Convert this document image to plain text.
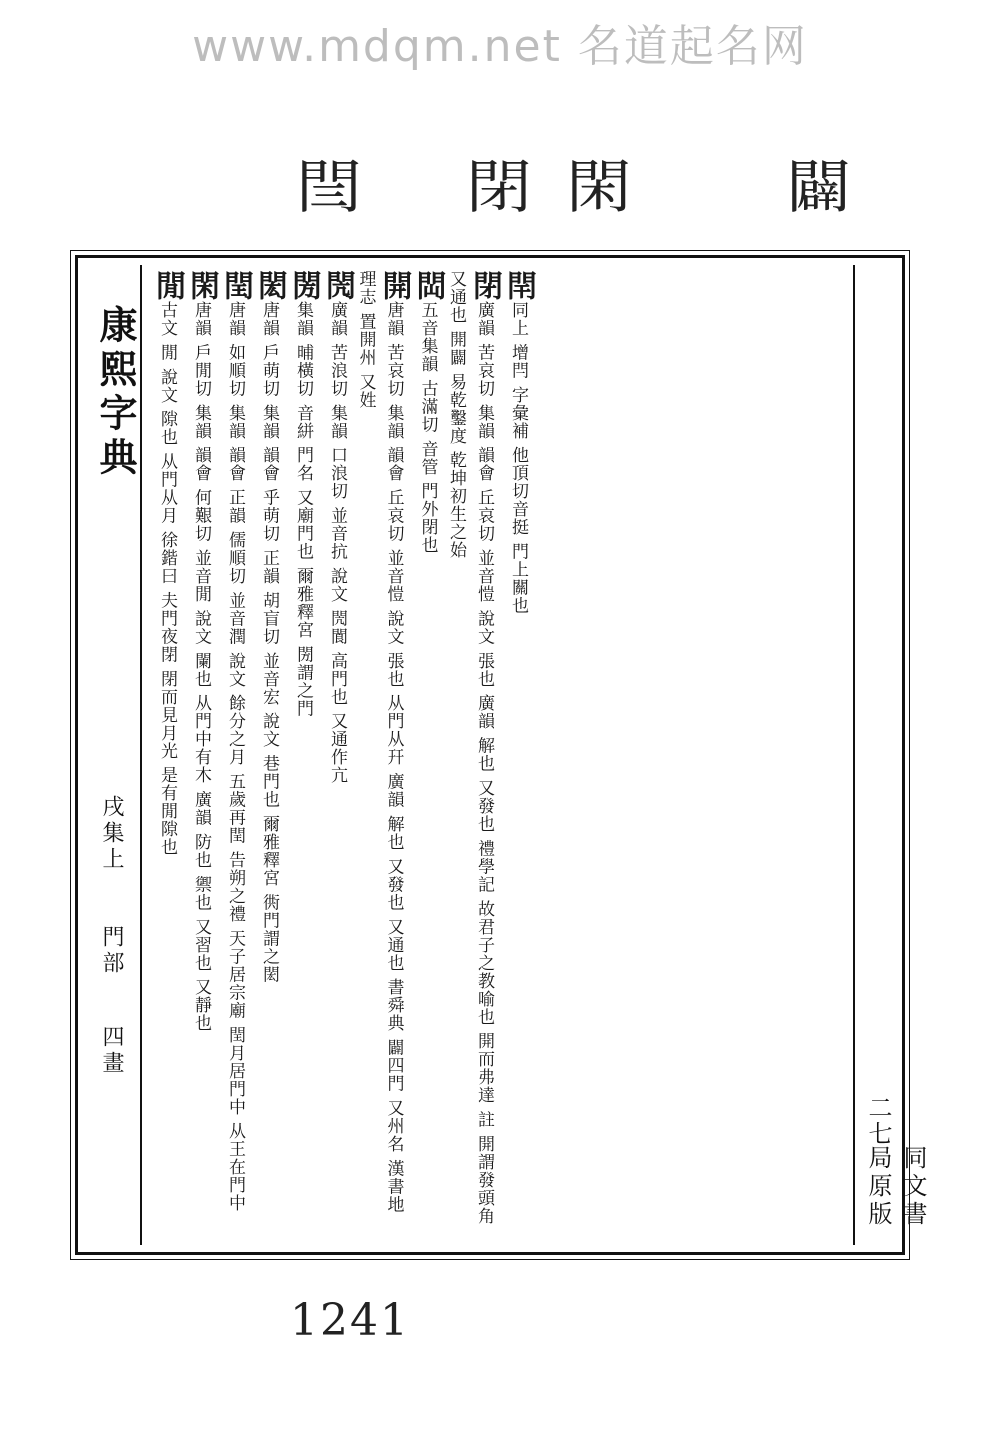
www.mdqm.net 名道起名网
閆 閉 閑	闢
康熙字典
戌集上
門部
四畫
二七
同文書局原版

閈同上 增閂 字彙補 他頂切音挺 門上關也

閉廣韻 苦哀切 集韻 韻會 丘哀切 並音愷 說文 張也 廣韻 解也 又發也 禮學記 故君子之教喻也 開而弗達 註 開謂發頭角 又通也 開闢 易乾鑿度 乾坤初生之始

閊五音集韻 古滿切 音管 門外閉也

開唐韻 苦哀切 集韻 韻會 丘哀切 並音愷 說文 張也 从門从幵 廣韻 解也 又發也 又通也 書舜典 闢四門 又州名 漢書地理志 置開州 又姓

閌廣韻 苦浪切 集韻 口浪切 並音抗 說文 閌閬 高門也 又通作亢

閍集韻 晡橫切 音絣 門名 又廟門也 爾雅釋宮 閍謂之門

閎唐韻 戶萌切 集韻 韻會 乎萌切 正韻 胡盲切 並音宏 說文 巷門也 爾雅釋宮 衖門謂之閎

閏唐韻 如順切 集韻 韻會 正韻 儒順切 並音潤 說文 餘分之月 五歲再閏 告朔之禮 天子居宗廟 閏月居門中 从王在門中

閑唐韻 戶閒切 集韻 韻會 何艱切 並音閒 說文 闌也 从門中有木 廣韻 防也 禦也 又習也 又靜也

閒古文 閒 說文 隙也 从門从月 徐鍇曰 夫門夜閉 閉而見月光 是有閒隙也

1241
